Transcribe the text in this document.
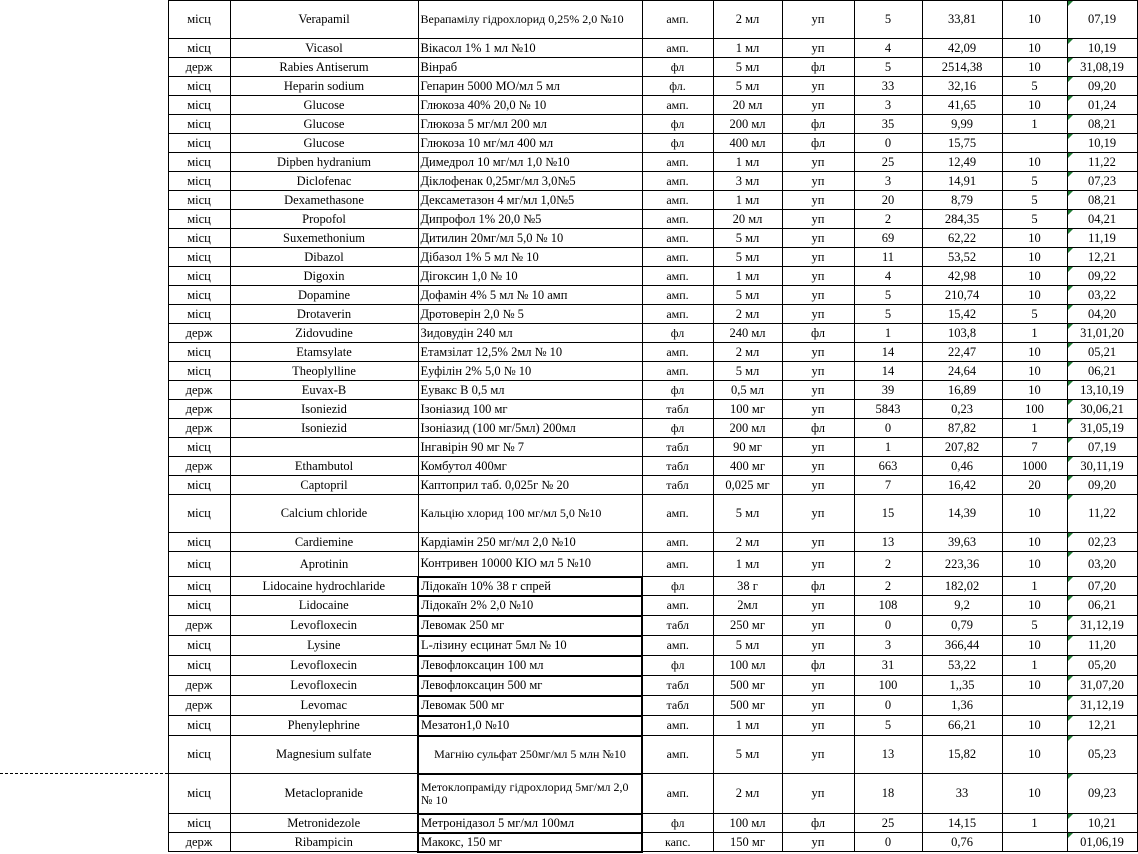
	місц	Verapamil	Верапамілу гідрохлорид 0,25% 2,0 №10	амп.	2 мл	уп	5	33,81	10	07,19
	місц	Vicasol	Вікасол 1% 1 мл №10	амп.	1 мл	уп	4	42,09	10	10,19
	держ	Rabies Antiserum	Вінраб	фл	5 мл	фл	5	2514,38	10	31,08,19
	місц	Heparin sodium	Гепарин 5000 МО/мл 5 мл	фл.	5 мл	уп	33	32,16	5	09,20
	місц	Glucose	Глюкоза 40% 20,0 № 10	амп.	20 мл	уп	3	41,65	10	01,24
	місц	Glucose	Глюкоза 5 мг/мл 200 мл	фл	200 мл	фл	35	9,99	1	08,21
	місц	Glucose	Глюкоза 10 мг/мл 400 мл	фл	400 мл	фл	0	15,75		10,19
	місц	Dipben hydranium	Димедрол 10 мг/мл 1,0 №10	амп.	1 мл	уп	25	12,49	10	11,22
	місц	Diclofenac	Діклофенак 0,25мг/мл 3,0№5	амп.	3 мл	уп	3	14,91	5	07,23
	місц	Dexamethasone	Дексаметазон 4 мг/мл 1,0№5	амп.	1 мл	уп	20	8,79	5	08,21
	місц	Propofol	Дипрофол 1% 20,0 №5	амп.	20 мл	уп	2	284,35	5	04,21
	місц	Suxemethonium	Дитилин 20мг/мл 5,0 № 10	амп.	5 мл	уп	69	62,22	10	11,19
	місц	Dibazol	Дібазол 1% 5 мл № 10	амп.	5 мл	уп	11	53,52	10	12,21
	місц	Digoxin	Дігоксин 1,0 № 10	амп.	1 мл	уп	4	42,98	10	09,22
	місц	Dopamine	Дофамін 4% 5 мл № 10 амп	амп.	5 мл	уп	5	210,74	10	03,22
	місц	Drotaverin	Дротоверін 2,0 № 5	амп.	2 мл	уп	5	15,42	5	04,20
	держ	Zidovudine	Зидовудін 240 мл	фл	240 мл	фл	1	103,8	1	31,01,20
	місц	Etamsylate	Етамзілат 12,5% 2мл № 10	амп.	2 мл	уп	14	22,47	10	05,21
	місц	Theoplylline	Еуфілін 2% 5,0 № 10	амп.	5 мл	уп	14	24,64	10	06,21
	держ	Euvax-B	Еувакс В 0,5 мл	фл	0,5 мл	уп	39	16,89	10	13,10,19
	держ	Isoniezid	Ізоніазид 100 мг	табл	100 мг	уп	5843	0,23	100	30,06,21
	держ	Isoniezid	Ізоніазид (100 мг/5мл) 200мл	фл	200 мл	фл	0	87,82	1	31,05,19
	місц		Інгавірін 90 мг № 7	табл	90 мг	уп	1	207,82	7	07,19
	держ	Ethambutol	Комбутол 400мг	табл	400 мг	уп	663	0,46	1000	30,11,19
	місц	Captopril	Каптоприл таб. 0,025г № 20	табл	0,025 мг	уп	7	16,42	20	09,20
	місц	Calcium chloride	Кальцію хлорид 100 мг/мл 5,0 №10	амп.	5 мл	уп	15	14,39	10	11,22
	місц	Cardiemine	Кардіамін 250 мг/мл 2,0 №10	амп.	2 мл	уп	13	39,63	10	02,23
	місц	Aprotinin	Контривен 10000 КІО мл 5 №10	амп.	1 мл	уп	2	223,36	10	03,20
	місц	Lidocaine hydrochlaride	Лідокаїн 10% 38 г спрей	фл	38 г	фл	2	182,02	1	07,20
	місц	Lidocaine	Лідокаїн 2% 2,0 №10	амп.	2мл	уп	108	9,2	10	06,21
	держ	Levofloxecin	Левомак 250 мг	табл	250 мг	уп	0	0,79	5	31,12,19
	місц	Lysine	L-лізину есцинат 5мл № 10	амп.	5 мл	уп	3	366,44	10	11,20
	місц	Levofloxecin	Левофлоксацин 100 мл	фл	100 мл	фл	31	53,22	1	05,20
	держ	Levofloxecin	Левофлоксацин 500 мг	табл	500 мг	уп	100	1,,35	10	31,07,20
	держ	Levomac	Левомак 500 мг	табл	500 мг	уп	0	1,36		31,12,19
	місц	Phenylephrine	Мезатон1,0 №10	амп.	1 мл	уп	5	66,21	10	12,21
	місц	Magnesium sulfate	Магнію сульфат 250мг/мл 5 млн №10	амп.	5 мл	уп	13	15,82	10	05,23
	місц	Metaclopranide	Метоклопраміду гідрохлорид 5мг/мл 2,0 № 10	амп.	2 мл	уп	18	33	10	09,23
	місц	Metronidezole	Метронідазол 5 мг/мл 100мл	фл	100 мл	фл	25	14,15	1	10,21
	держ	Ribampicin	Макокс, 150 мг	капс.	150 мг	уп	0	0,76		01,06,19
